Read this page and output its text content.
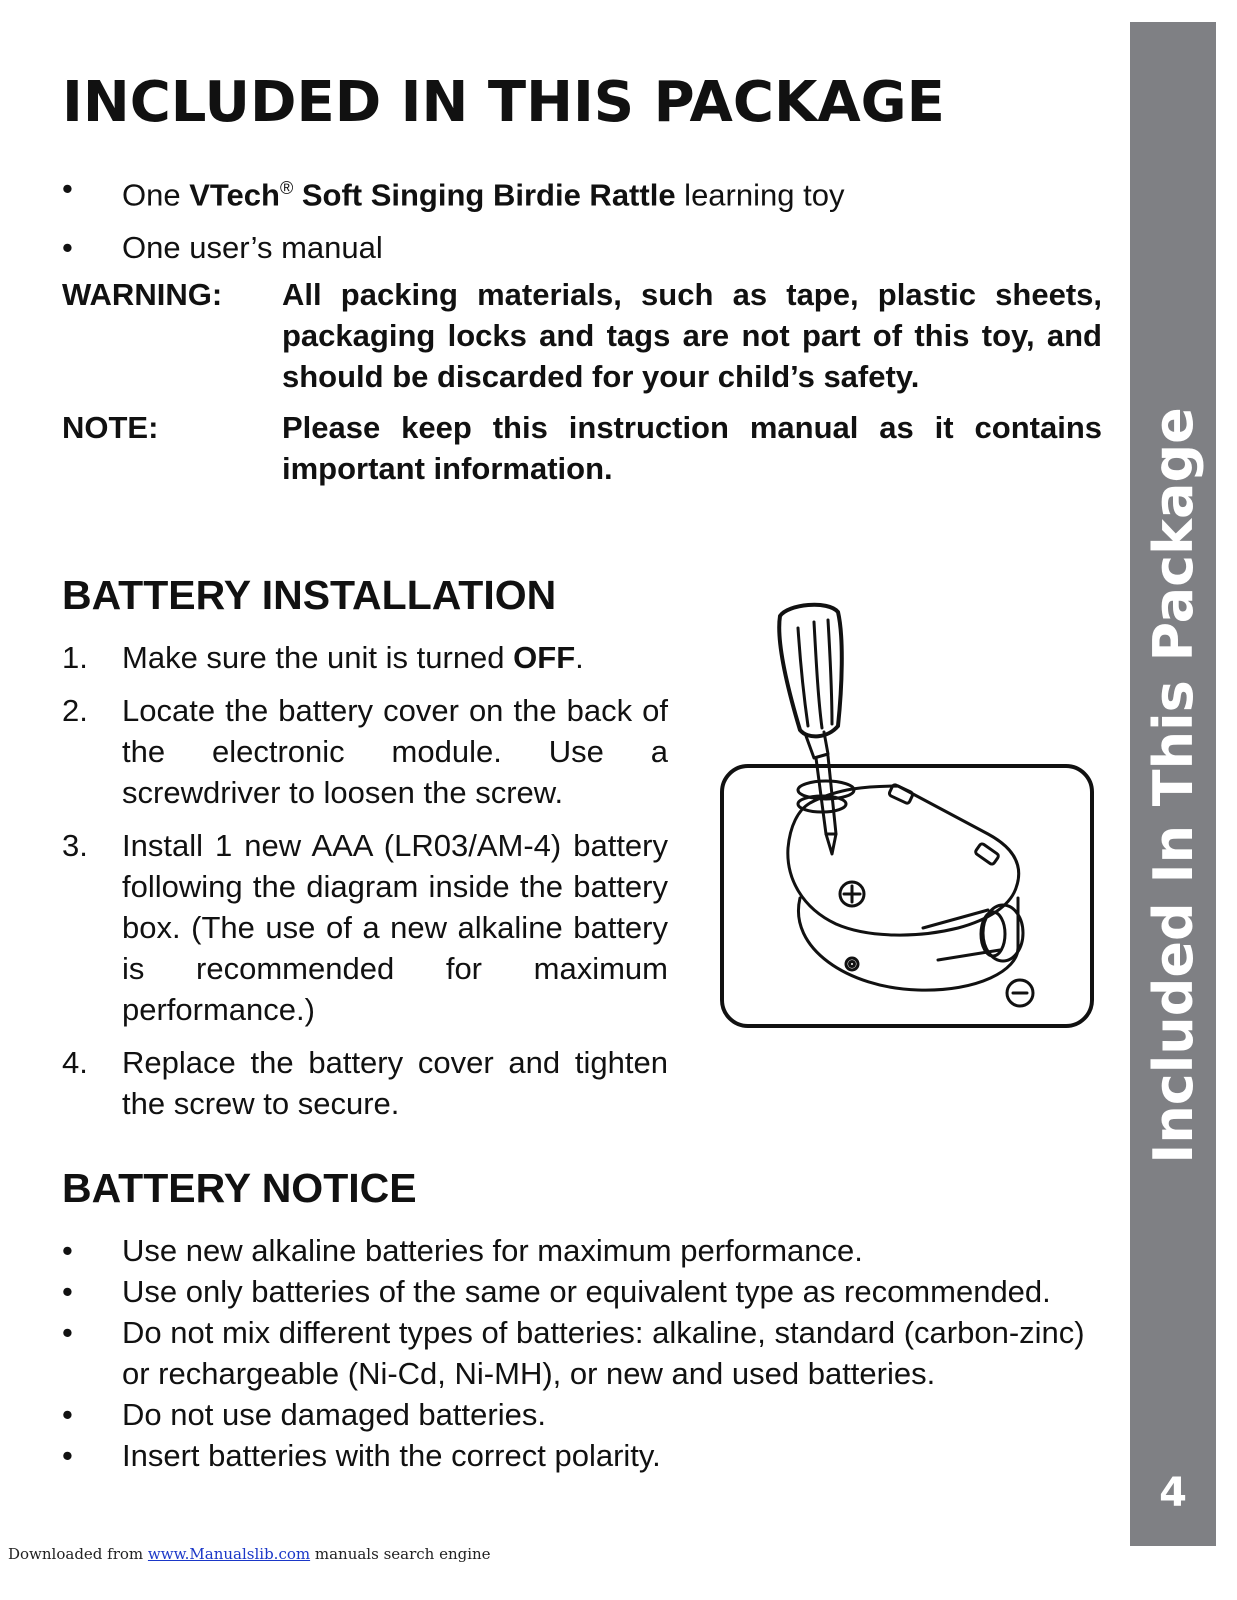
INCLUDED IN THIS PACKAGE
•	One VTech® Soft Singing Birdie Rattle learning toy
•	One user’s manual
WARNING:	All packing materials, such as tape, plastic sheets, packaging locks and tags are not part of this toy, and should be discarded for your child’s safety.
NOTE:	Please keep this instruction manual as it contains important information.
BATTERY INSTALLATION
1.	Make sure the unit is turned OFF.
2.	Locate the battery cover on the back of the electronic module. Use a screwdriver to loosen the screw.
3.	Install 1 new AAA (LR03/AM-4) battery following the diagram inside the battery box. (The use of a new alkaline battery is recommended for maximum performance.)
4.	Replace the battery cover and tighten the screw to secure.
BATTERY NOTICE
•	Use new alkaline batteries for maximum performance.
•	Use only batteries of the same or equivalent type as recommended.
•	Do not mix different types of batteries: alkaline, standard (carbon-zinc) or rechargeable (Ni-Cd, Ni-MH), or new and used batteries.
•	Do not use damaged batteries.
•	Insert batteries with the correct polarity.
Included In This Package
4
Downloaded from www.Manualslib.com manuals search engine
